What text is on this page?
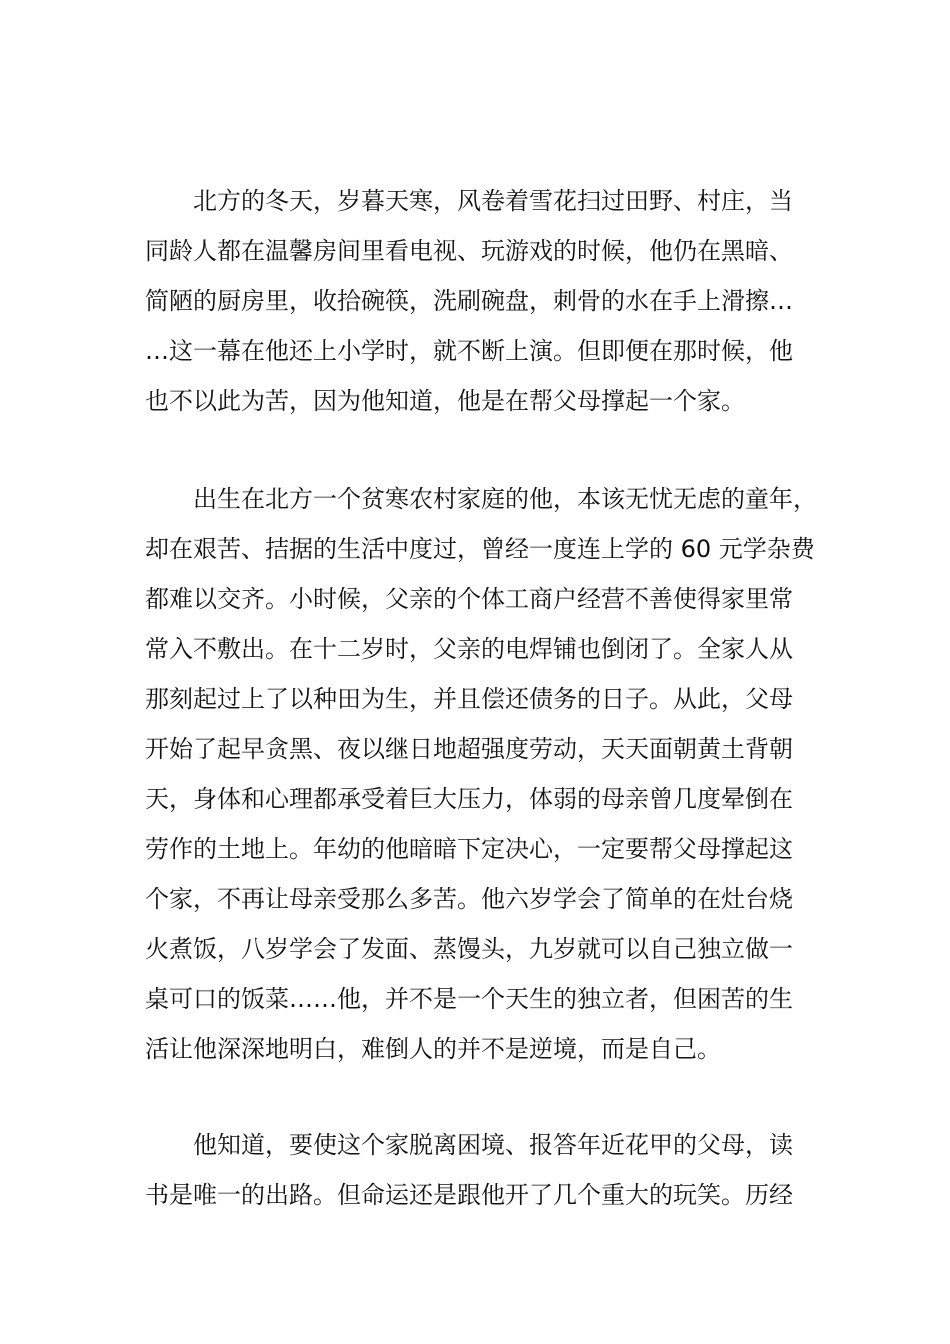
北方的冬天，岁暮天寒，风卷着雪花扫过田野、村庄，当
同龄人都在温馨房间里看电视、玩游戏的时候，他仍在黑暗、
简陋的厨房里，收拾碗筷，洗刷碗盘，刺骨的水在手上滑擦…
…这一幕在他还上小学时，就不断上演。但即便在那时候，他
也不以此为苦，因为他知道，他是在帮父母撑起一个家。
出生在北方一个贫寒农村家庭的他，本该无忧无虑的童年，
却在艰苦、拮据的生活中度过，曾经一度连上学的 60 元学杂费
都难以交齐。小时候，父亲的个体工商户经营不善使得家里常
常入不敷出。在十二岁时，父亲的电焊铺也倒闭了。全家人从
那刻起过上了以种田为生，并且偿还债务的日子。从此，父母
开始了起早贪黑、夜以继日地超强度劳动，天天面朝黄土背朝
天，身体和心理都承受着巨大压力，体弱的母亲曾几度晕倒在
劳作的土地上。年幼的他暗暗下定决心，一定要帮父母撑起这
个家，不再让母亲受那么多苦。他六岁学会了简单的在灶台烧
火煮饭，八岁学会了发面、蒸馒头，九岁就可以自己独立做一
桌可口的饭菜……他，并不是一个天生的独立者，但困苦的生
活让他深深地明白，难倒人的并不是逆境，而是自己。
他知道，要使这个家脱离困境、报答年近花甲的父母，读
书是唯一的出路。但命运还是跟他开了几个重大的玩笑。历经
